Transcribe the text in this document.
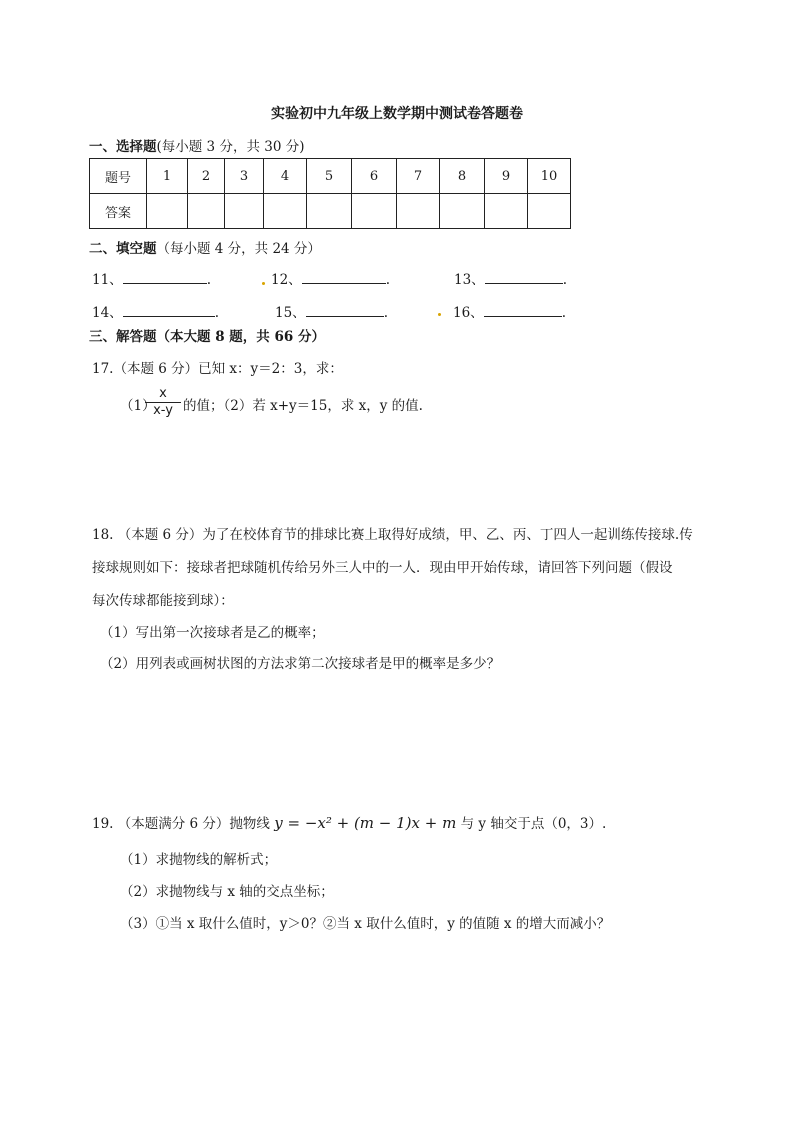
实验初中九年级上数学期中测试卷答题卷
一、选择题(每小题 3 分，共 30 分)
题号	1	2	3	4	5	6	7	8	9	10
答案										
二、填空题（每小题 4 分，共 24 分）
11、	.	12、	.	13、	.
14、	.	15、	.	16、	.
三、解答题（本大题 8 题，共 66 分）
17.（本题 6 分）已知 x：y＝2：3，求：
（1）
$\frac{x}{x-y}$ 的值；（2）若 x+y＝15，求 x，y 的值.
18. （本题 6 分）为了在校体育节的排球比赛上取得好成绩，甲、乙、丙、丁四人一起训练传接球.传
接球规则如下：接球者把球随机传给另外三人中的一人．现由甲开始传球，请回答下列问题（假设
每次传球都能接到球）：
（1）写出第一次接球者是乙的概率；
（2）用列表或画树状图的方法求第二次接球者是甲的概率是多少？
19. （本题满分 6 分）抛物线 y = −x² + (m − 1)x + m 与 y 轴交于点（0，3）.
（1）求抛物线的解析式；
（2）求抛物线与 x 轴的交点坐标；
（3）①当 x 取什么值时，y＞0？②当 x 取什么值时，y 的值随 x 的增大而减小？
